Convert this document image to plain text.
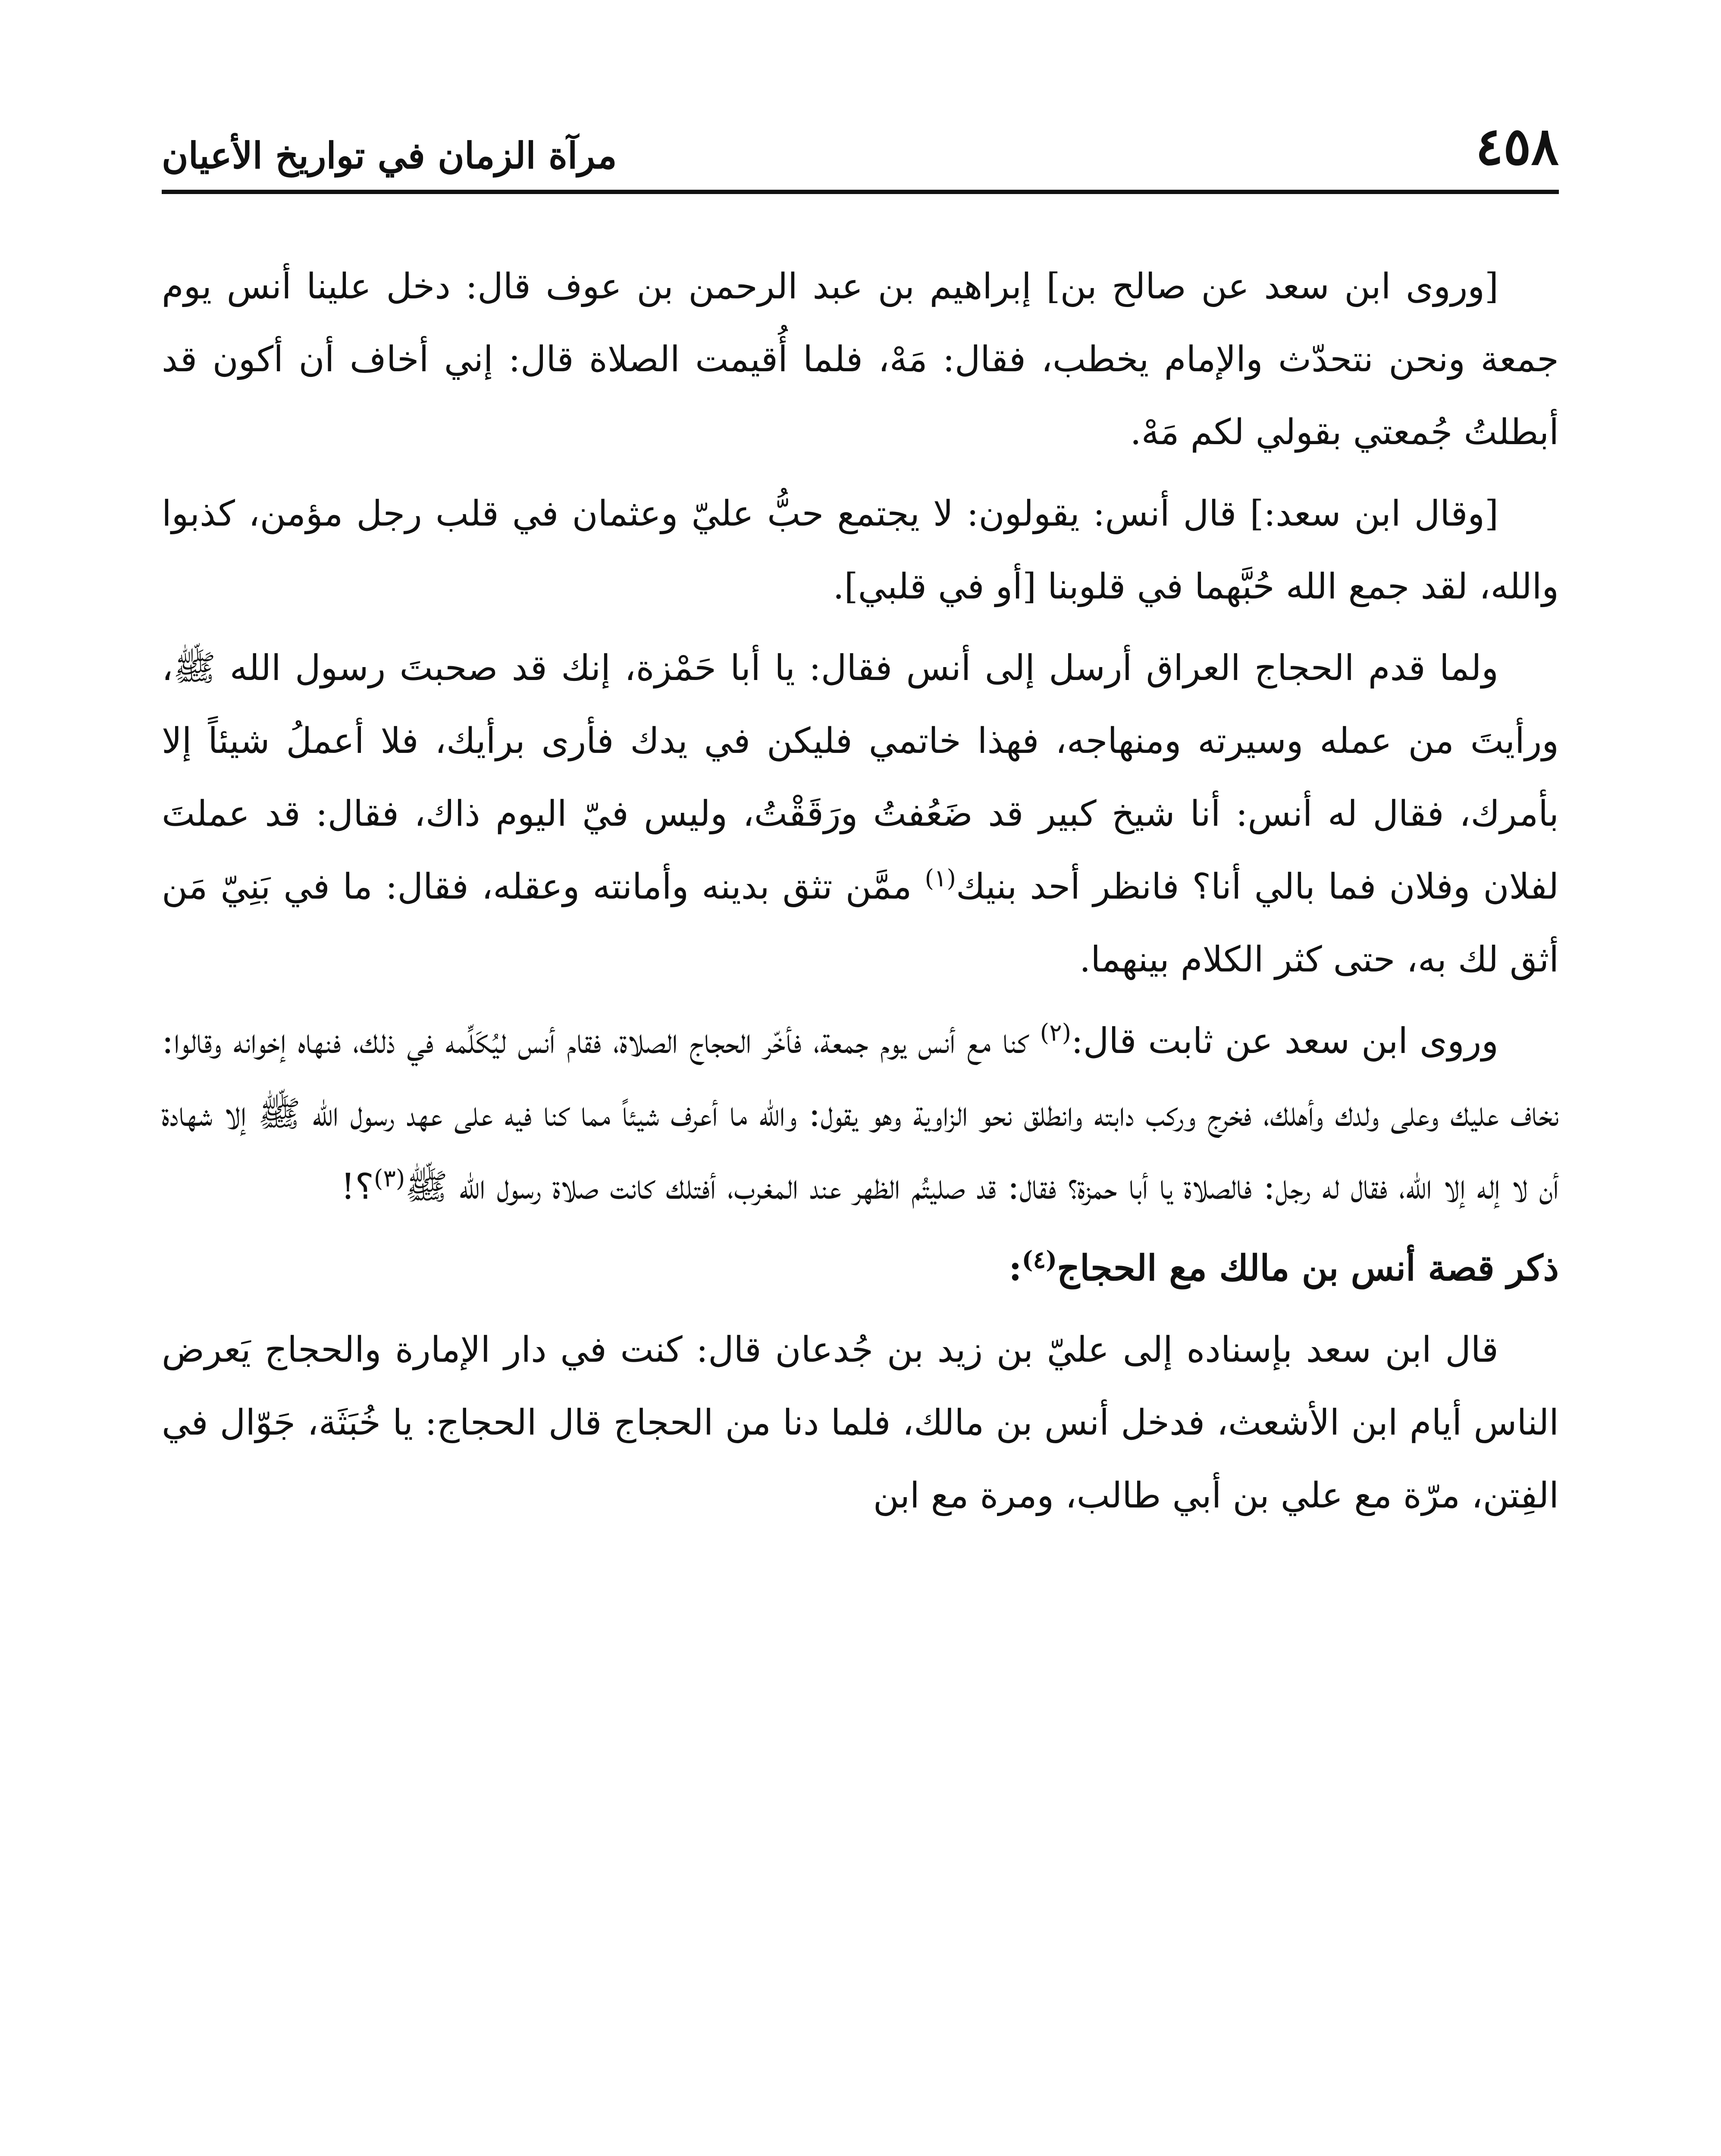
٤٥٨
مرآة الزمان في تواريخ الأعيان

[وروى ابن سعد عن صالح بن] إبراهيم بن عبد الرحمن بن عوف قال: دخل علينا أنس يوم جمعة ونحن نتحدّث والإمام يخطب، فقال: مَهْ، فلما أُقيمت الصلاة قال: إني أخاف أن أكون قد أبطلتُ جُمعتي بقولي لكم مَهْ.

[وقال ابن سعد:] قال أنس: يقولون: لا يجتمع حبُّ عليّ وعثمان في قلب رجل مؤمن، كذبوا والله، لقد جمع الله حُبَّهما في قلوبنا [أو في قلبي].

ولما قدم الحجاج العراق أرسل إلى أنس فقال: يا أبا حَمْزة، إنك قد صحبتَ رسول الله ﷺ، ورأيتَ من عمله وسيرته ومنهاجه، فهذا خاتمي فليكن في يدك فأرى برأيك، فلا أعملُ شيئاً إلا بأمرك، فقال له أنس: أنا شيخ كبير قد ضَعُفتُ ورَقَقْتُ، وليس فيّ اليوم ذاك، فقال: قد عملتَ لفلان وفلان فما بالي أنا؟ فانظر أحد بنيك$^{(١)}$ ممَّن تثق بدينه وأمانته وعقله، فقال: ما في بَنِيّ مَن أثق لك به، حتى كثر الكلام بينهما.

وروى ابن سعد عن ثابت قال:$^{(٢)}$ كنا مع أنس يوم جمعة، فأخّر الحجاج الصلاة، فقام أنس ليُكَلِّمه في ذلك، فنهاه إخوانه وقالوا: نخاف عليك وعلى ولدك وأهلك، فخرج وركب دابته وانطلق نحو الزاوية وهو يقول: والله ما أعرف شيئاً مما كنا فيه على عهد رسول الله ﷺ إلا شهادة أن لا إله إلا الله، فقال له رجل: فالصلاة يا أبا حمزة؟ فقال: قد صليتُم الظهر عند المغرب، أفتلك كانت صلاة رسول الله ﷺ$^{(٣)}$؟!

ذكر قصة أنس بن مالك مع الحجاج$^{(٤)}$:

قال ابن سعد بإسناده إلى عليّ بن زيد بن جُدعان قال: كنت في دار الإمارة والحجاج يَعرض الناس أيام ابن الأشعث، فدخل أنس بن مالك، فلما دنا من الحجاج قال الحجاج: يا خُبَثَة، جَوّال في الفِتن، مرّة مع علي بن أبي طالب، ومرة مع ابن
